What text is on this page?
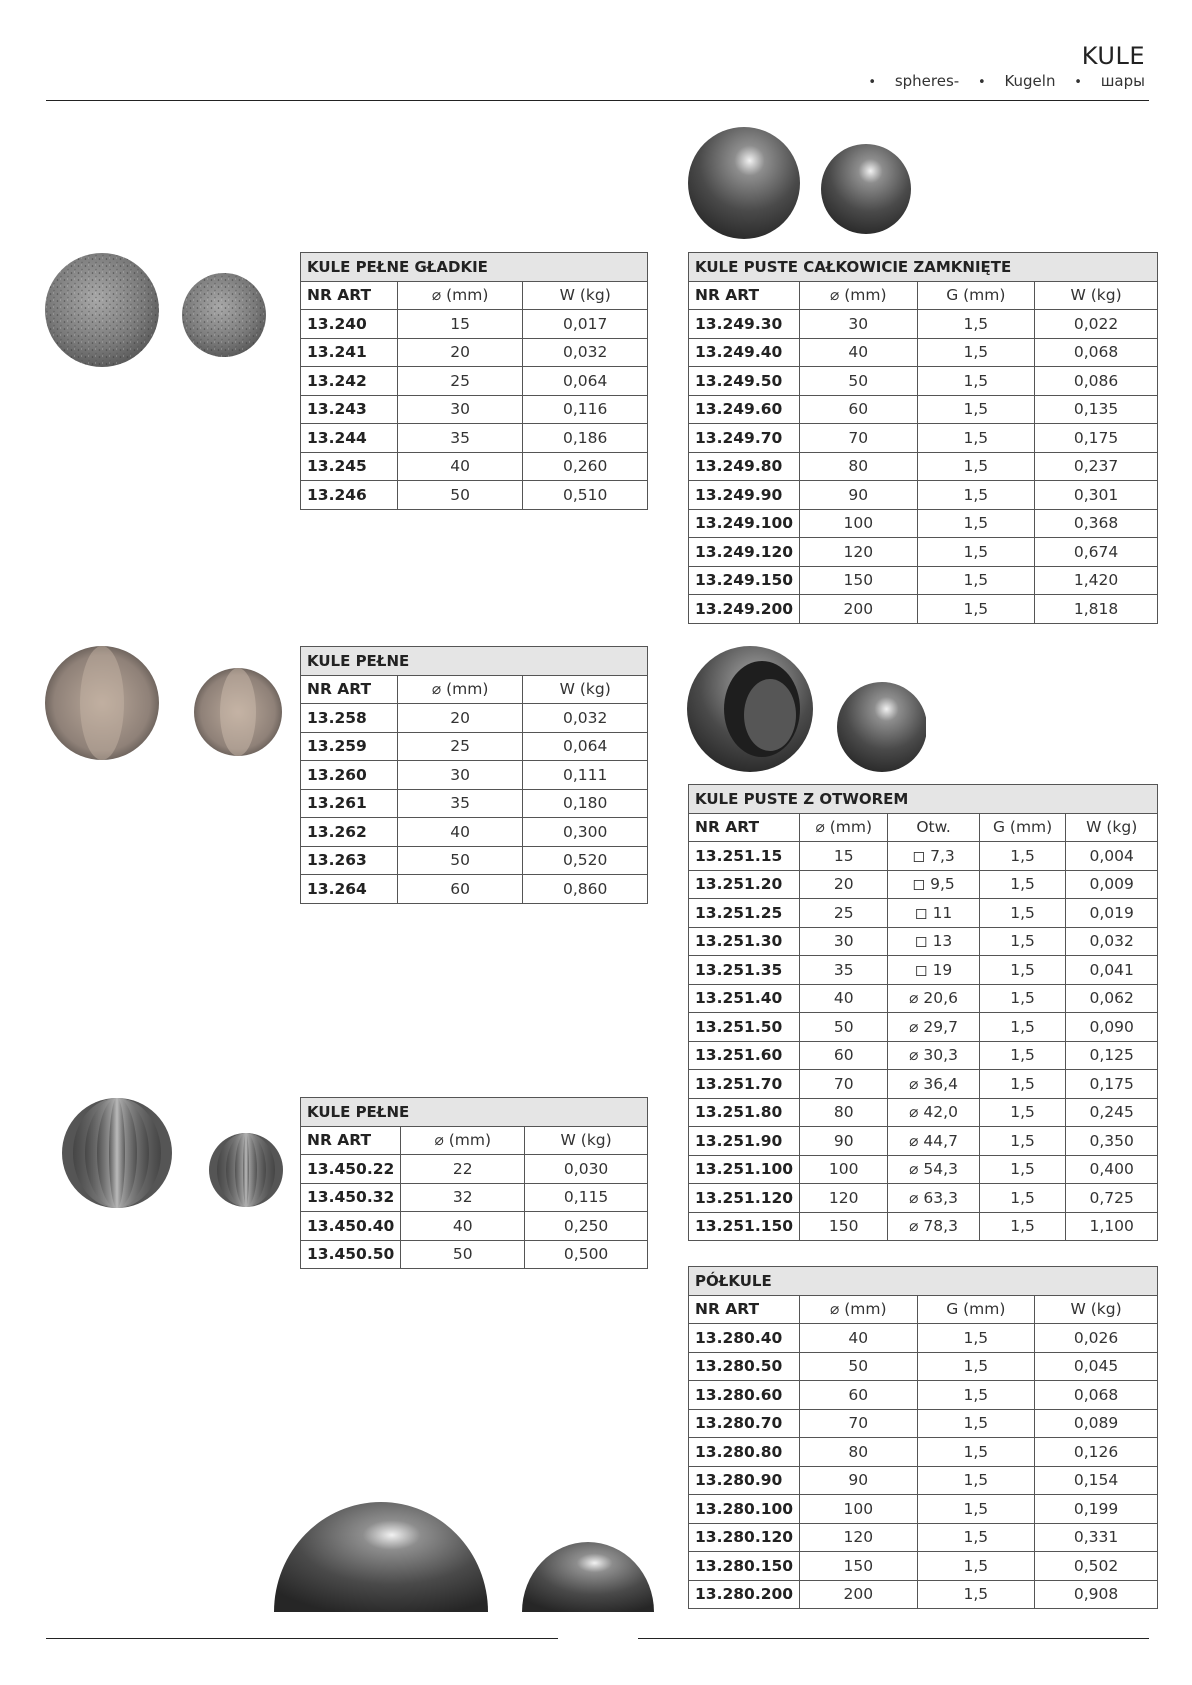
KULE
• spheres- • Kugeln • шары
KULE PEŁNE GŁADKIE		
NR ART	⌀ (mm)	W (kg)
13.240	15	0,017
13.241	20	0,032
13.242	25	0,064
13.243	30	0,116
13.244	35	0,186
13.245	40	0,260
13.246	50	0,510
KULE PUSTE CAŁKOWICIE ZAMKNIĘTE			
NR ART	⌀ (mm)	G (mm)	W (kg)
13.249.30	30	1,5	0,022
13.249.40	40	1,5	0,068
13.249.50	50	1,5	0,086
13.249.60	60	1,5	0,135
13.249.70	70	1,5	0,175
13.249.80	80	1,5	0,237
13.249.90	90	1,5	0,301
13.249.100	100	1,5	0,368
13.249.120	120	1,5	0,674
13.249.150	150	1,5	1,420
13.249.200	200	1,5	1,818
KULE PEŁNE		
NR ART	⌀ (mm)	W (kg)
13.258	20	0,032
13.259	25	0,064
13.260	30	0,111
13.261	35	0,180
13.262	40	0,300
13.263	50	0,520
13.264	60	0,860
KULE PUSTE Z OTWOREM				
NR ART	⌀ (mm)	Otw.	G (mm)	W (kg)
13.251.15	15	◻ 7,3	1,5	0,004
13.251.20	20	◻ 9,5	1,5	0,009
13.251.25	25	◻ 11	1,5	0,019
13.251.30	30	◻ 13	1,5	0,032
13.251.35	35	◻ 19	1,5	0,041
13.251.40	40	⌀ 20,6	1,5	0,062
13.251.50	50	⌀ 29,7	1,5	0,090
13.251.60	60	⌀ 30,3	1,5	0,125
13.251.70	70	⌀ 36,4	1,5	0,175
13.251.80	80	⌀ 42,0	1,5	0,245
13.251.90	90	⌀ 44,7	1,5	0,350
13.251.100	100	⌀ 54,3	1,5	0,400
13.251.120	120	⌀ 63,3	1,5	0,725
13.251.150	150	⌀ 78,3	1,5	1,100
KULE PEŁNE		
NR ART	⌀ (mm)	W (kg)
13.450.22	22	0,030
13.450.32	32	0,115
13.450.40	40	0,250
13.450.50	50	0,500
PÓŁKULE			
NR ART	⌀ (mm)	G (mm)	W (kg)
13.280.40	40	1,5	0,026
13.280.50	50	1,5	0,045
13.280.60	60	1,5	0,068
13.280.70	70	1,5	0,089
13.280.80	80	1,5	0,126
13.280.90	90	1,5	0,154
13.280.100	100	1,5	0,199
13.280.120	120	1,5	0,331
13.280.150	150	1,5	0,502
13.280.200	200	1,5	0,908
